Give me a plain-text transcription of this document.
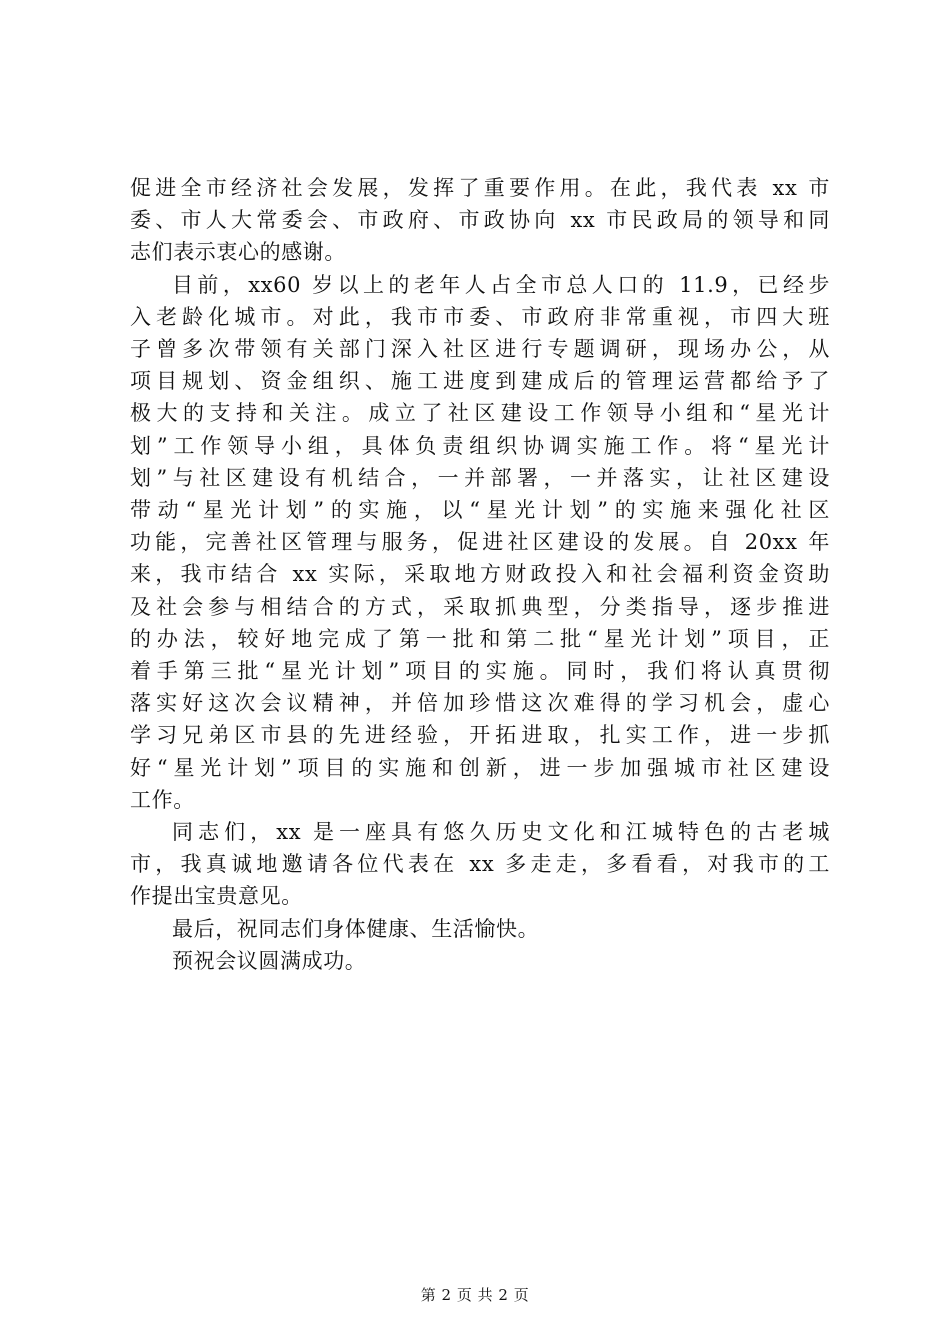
促进全市经济社会发展，发挥了重要作用。在此，我代表 xx 市
委、市人大常委会、市政府、市政协向 xx 市民政局的领导和同
志们表示衷心的感谢。
目前，xx60 岁以上的老年人占全市总人口的 11.9，已经步
入老龄化城市。对此，我市市委、市政府非常重视，市四大班
子曾多次带领有关部门深入社区进行专题调研，现场办公，从
项目规划、资金组织、施工进度到建成后的管理运营都给予了
极大的支持和关注。成立了社区建设工作领导小组和“星光计
划”工作领导小组，具体负责组织协调实施工作。将“星光计
划”与社区建设有机结合，一并部署，一并落实，让社区建设
带动“星光计划”的实施，以“星光计划”的实施来强化社区
功能，完善社区管理与服务，促进社区建设的发展。自 20xx 年
来，我市结合 xx 实际，采取地方财政投入和社会福利资金资助
及社会参与相结合的方式，采取抓典型，分类指导，逐步推进
的办法，较好地完成了第一批和第二批“星光计划”项目，正
着手第三批“星光计划”项目的实施。同时，我们将认真贯彻
落实好这次会议精神，并倍加珍惜这次难得的学习机会，虚心
学习兄弟区市县的先进经验，开拓进取，扎实工作，进一步抓
好“星光计划”项目的实施和创新，进一步加强城市社区建设
工作。
同志们，xx 是一座具有悠久历史文化和江城特色的古老城
市，我真诚地邀请各位代表在 xx 多走走，多看看，对我市的工
作提出宝贵意见。
最后，祝同志们身体健康、生活愉快。
预祝会议圆满成功。
第 2 页 共 2 页
